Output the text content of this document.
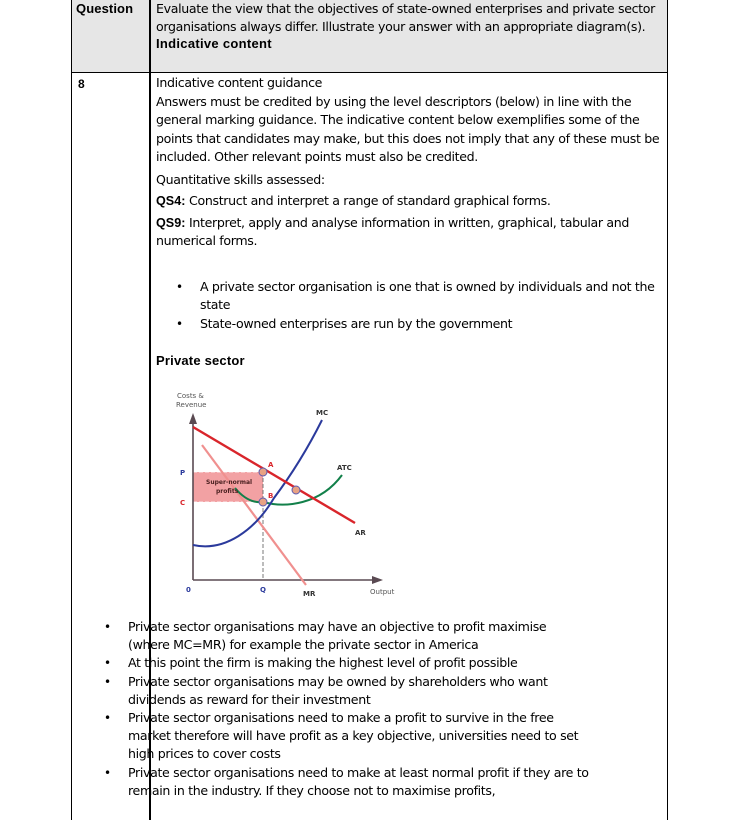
Question Evaluate the view that the objectives of state-owned enterprises and private sector organisations always differ. Illustrate your answer with an appropriate diagram(s).
Indicative content
8	Indicative content guidance

Answers must be credited by using the level descriptors (below) in line with the general marking guidance. The indicative content below exemplifies some of the points that candidates may make, but this does not imply that any of these must be included. Other relevant points must also be credited.

Quantitative skills assessed:

QS4: Construct and interpret a range of standard graphical forms.

QS9: Interpret, apply and analyse information in written, graphical, tabular and numerical forms.

• A private sector organisation is one that is owned by individuals and not the state
• State-owned enterprises are run by the government
Private sector
Costs &
Revenue
P
C
A
B
Super-normal
profits
MC
ATC
AR
MR
0	Q	Output
• Private sector organisations may have an objective to profit maximise (where MC=MR) for example the private sector in America
• At this point the firm is making the highest level of profit possible
• Private sector organisations may be owned by shareholders who want dividends as reward for their investment
• Private sector organisations need to make a profit to survive in the free market therefore will have profit as a key objective, universities need to set high prices to cover costs
• Private sector organisations need to make at least normal profit if they are to remain in the industry. If they choose not to maximise profits,
